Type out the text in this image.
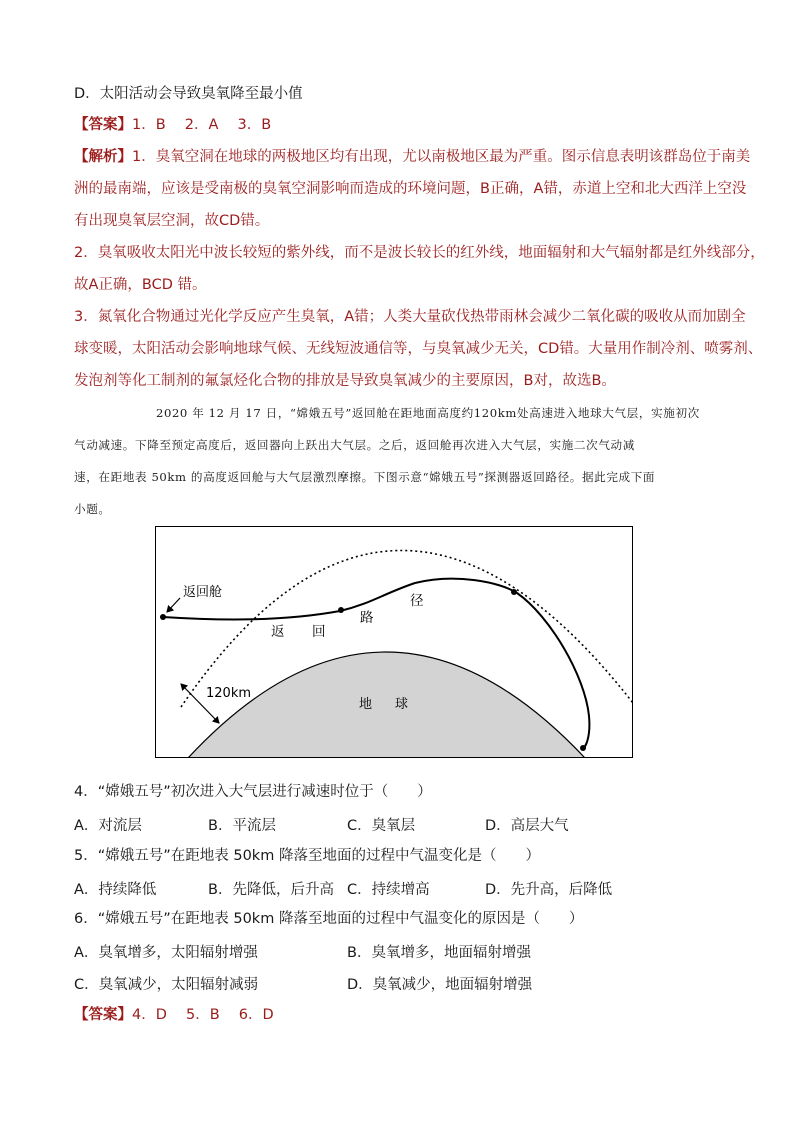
D．太阳活动会导致臭氧降至最小值
【答案】1．B　 2．A　 3．B
【解析】1．臭氧空洞在地球的两极地区均有出现，尤以南极地区最为严重。图示信息表明该群岛位于南美
洲的最南端，应该是受南极的臭氧空洞影响而造成的环境问题，B正确，A错，赤道上空和北大西洋上空没
有出现臭氧层空洞，故CD错。
2．臭氧吸收太阳光中波长较短的紫外线，而不是波长较长的红外线，地面辐射和大气辐射都是红外线部分，
故A正确，BCD 错。
3．氮氧化合物通过光化学反应产生臭氧，A错；人类大量砍伐热带雨林会减少二氧化碳的吸收从而加剧全
球变暖，太阳活动会影响地球气候、无线短波通信等，与臭氧减少无关，CD错。大量用作制冷剂、喷雾剂、
发泡剂等化工制剂的氟氯烃化合物的排放是导致臭氧减少的主要原因，B对，故选B。
2020 年 12 月 17 日，“嫦娥五号”返回舱在距地面高度约120km处高速进入地球大气层，实施初次
气动减速。下降至预定高度后，返回器向上跃出大气层。之后，返回舱再次进入大气层，实施二次气动减
速，在距地表 50km 的高度返回舱与大气层激烈摩擦。下图示意“嫦娥五号”探测器返回路径。据此完成下面
小题。
返回舱
返 回
路
径
120km
地 球
4．“嫦娥五号”初次进入大气层进行减速时位于（　　）
A．对流层	B．平流层	C．臭氧层	D．高层大气
5．“嫦娥五号”在距地表 50km 降落至地面的过程中气温变化是（　　）
A．持续降低	B．先降低，后升高 C．持续增高	D．先升高，后降低
6．“嫦娥五号”在距地表 50km 降落至地面的过程中气温变化的原因是（　　）
A．臭氧增多，太阳辐射增强	B．臭氧增多，地面辐射增强
C．臭氧减少，太阳辐射减弱	D．臭氧减少，地面辐射增强
【答案】4．D　 5．B　 6．D
